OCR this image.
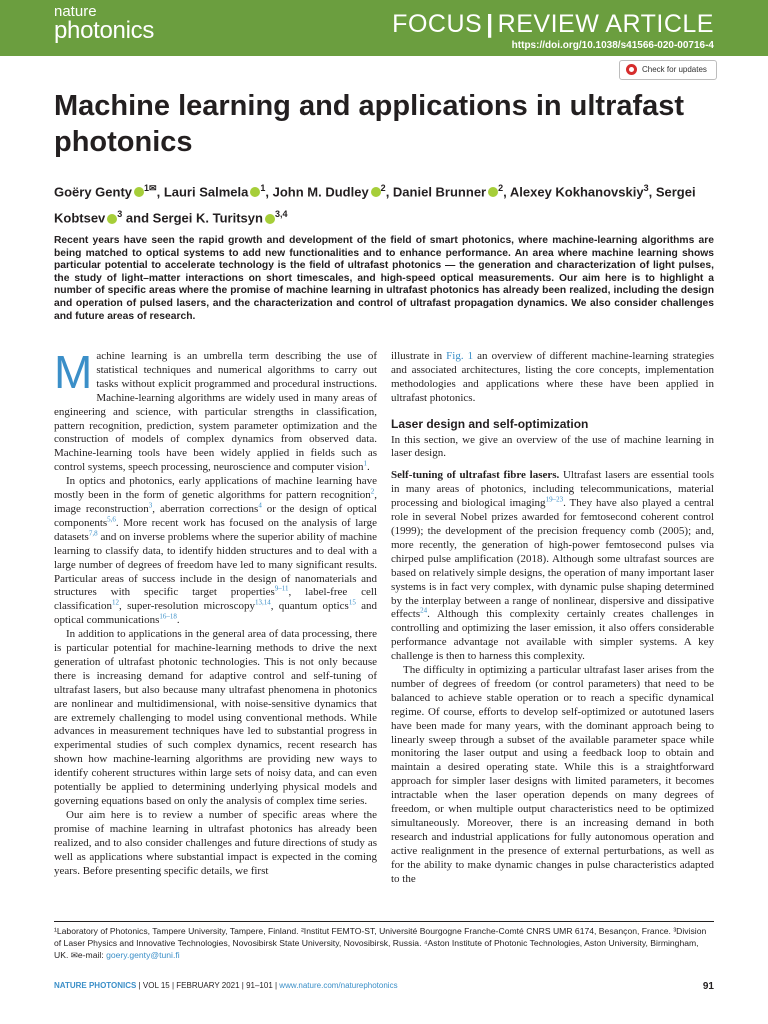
nature
photonics	FOCUS | REVIEW ARTICLE
https://doi.org/10.1038/s41566-020-00716-4
Check for updates
Machine learning and applications in ultrafast photonics
Goëry Genty $^{1✉}$, Lauri Salmela $^1$, John M. Dudley $^2$, Daniel Brunner $^2$, Alexey Kokhanovskiy$^3$, Sergei Kobtsev $^3$ and Sergei K. Turitsyn $^{3,4}$
Recent years have seen the rapid growth and development of the field of smart photonics, where machine-learning algorithms are being matched to optical systems to add new functionalities and to enhance performance. An area where machine learning shows particular potential to accelerate technology is the field of ultrafast photonics — the generation and characterization of light pulses, the study of light–matter interactions on short timescales, and high-speed optical measurements. Our aim here is to highlight a number of specific areas where the promise of machine learning in ultrafast photonics has already been realized, including the design and operation of pulsed lasers, and the characterization and control of ultrafast propagation dynamics. We also consider challenges and future areas of research.

Machine learning is an umbrella term describing the use of statistical techniques and numerical algorithms to carry out tasks without explicit programmed and procedural instructions. Machine-learning algorithms are widely used in many areas of engineering and science, with particular strengths in classification, pattern recognition, prediction, system parameter optimization and the construction of models of complex dynamics from observed data. Machine-learning tools have been widely applied in fields such as control systems, speech processing, neuroscience and computer vision$^1$.

In optics and photonics, early applications of machine learning have mostly been in the form of genetic algorithms for pattern recognition$^2$, image reconstruction$^3$, aberration corrections$^4$ or the design of optical components$^{5,6}$. More recent work has focused on the analysis of large datasets$^{7,8}$ and on inverse problems where the superior ability of machine learning to classify data, to identify hidden structures and to deal with a large number of degrees of freedom have led to many significant results. Particular areas of success include in the design of nanomaterials and structures with specific target properties$^{9-11}$, label-free cell classification$^{12}$, super-resolution microscopy$^{13,14}$, quantum optics$^{15}$ and optical communications$^{16-18}$.

In addition to applications in the general area of data processing, there is particular potential for machine-learning methods to drive the next generation of ultrafast photonic technologies. This is not only because there is increasing demand for adaptive control and self-tuning of ultrafast lasers, but also because many ultrafast phenomena in photonics are nonlinear and multidimensional, with noise-sensitive dynamics that are extremely challenging to model using conventional methods. While advances in measurement techniques have led to substantial progress in experimental studies of such complex dynamics, recent research has shown how machine-learning algorithms are providing new ways to identify coherent structures within large sets of noisy data, and can even potentially be applied to determining underlying physical models and governing equations based on only the analysis of complex time series.

Our aim here is to review a number of specific areas where the promise of machine learning in ultrafast photonics has already been realized, and to also consider challenges and future directions of study as well as applications where substantial impact is expected in the coming years. Before presenting specific details, we first

illustrate in Fig. 1 an overview of different machine-learning strategies and associated architectures, listing the core concepts, implementation methodologies and applications where these have been applied in ultrafast photonics.

Laser design and self-optimization

In this section, we give an overview of the use of machine learning in laser design.

Self-tuning of ultrafast fibre lasers. Ultrafast lasers are essential tools in many areas of photonics, including telecommunications, material processing and biological imaging$^{19-23}$. They have also played a central role in several Nobel prizes awarded for femtosecond coherent control (1999); the development of the precision frequency comb (2005); and, more recently, the generation of high-power femtosecond pulses via chirped pulse amplification (2018). Although some ultrafast sources are based on relatively simple designs, the operation of many important laser systems is in fact very complex, with dynamic pulse shaping determined by the interplay between a range of nonlinear, dispersive and dissipative effects$^{24}$. Although this complexity certainly creates challenges in controlling and optimizing the laser emission, it also offers considerable performance advantage not available with simpler systems. A key challenge is then to harness this complexity.

The difficulty in optimizing a particular ultrafast laser arises from the number of degrees of freedom (or control parameters) that need to be balanced to achieve stable operation or to reach a specific dynamical regime. Of course, efforts to develop self-optimized or autotuned lasers have been made for many years, with the dominant approach being to linearly sweep through a subset of the available parameter space while monitoring the laser output and using a feedback loop to obtain and maintain a desired operating state. While this is a straightforward approach for simpler laser designs with limited parameters, it becomes intractable when the laser operation depends on many degrees of freedom, or when multiple output characteristics need to be optimized simultaneously. Moreover, there is an increasing demand in both research and industrial applications for fully autonomous operation and active realignment in the presence of external perturbations, as well as for the ability to make dynamic changes in pulse characteristics adapted to the

¹Laboratory of Photonics, Tampere University, Tampere, Finland. ²Institut FEMTO-ST, Université Bourgogne Franche-Comté CNRS UMR 6174, Besançon, France. ³Division of Laser Physics and Innovative Technologies, Novosibirsk State University, Novosibirsk, Russia. ⁴Aston Institute of Photonic Technologies, Aston University, Birmingham, UK. ✉e-mail: goery.genty@tuni.fi
NATURE PHOTONICS | VOL 15 | FEBRUARY 2021 | 91–101 | www.nature.com/naturephotonics	91
